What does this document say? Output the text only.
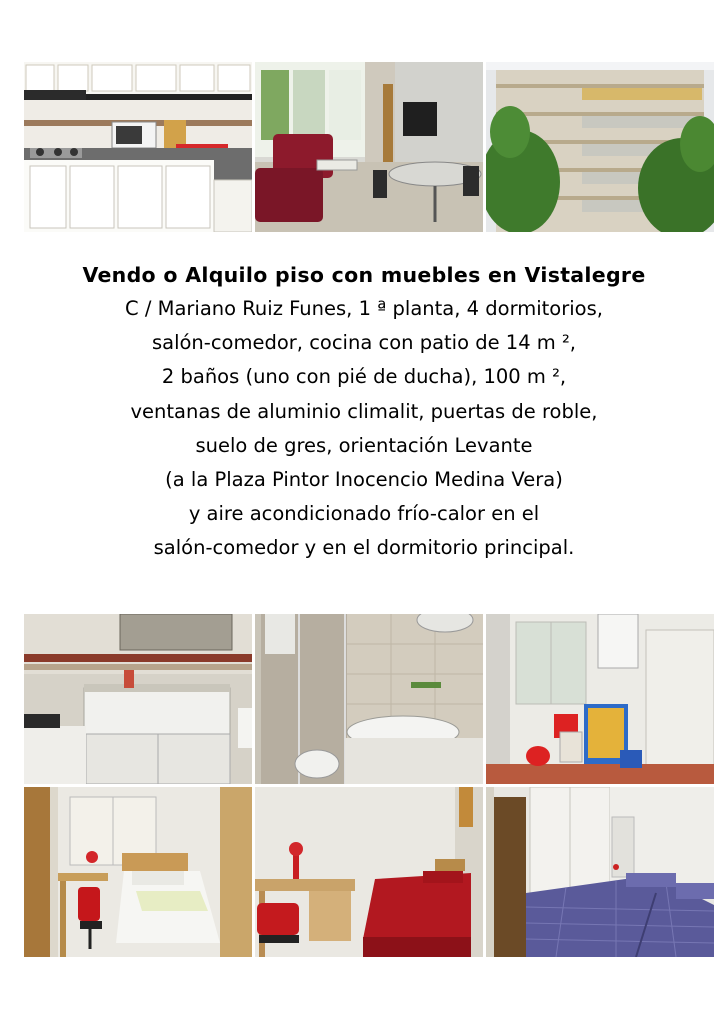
Vendo o Alquilo piso con muebles en Vistalegre

C / Mariano Ruiz Funes, 1 ª planta, 4 dormitorios,

salón-comedor, cocina con patio de 14 m ²,

2 baños (uno con pié de ducha), 100 m ²,

ventanas de aluminio climalit, puertas de roble,

suelo de gres, orientación Levante

(a la Plaza Pintor Inocencio Medina Vera)

y aire acondicionado frío-calor en el

salón-comedor y en el dormitorio principal.
